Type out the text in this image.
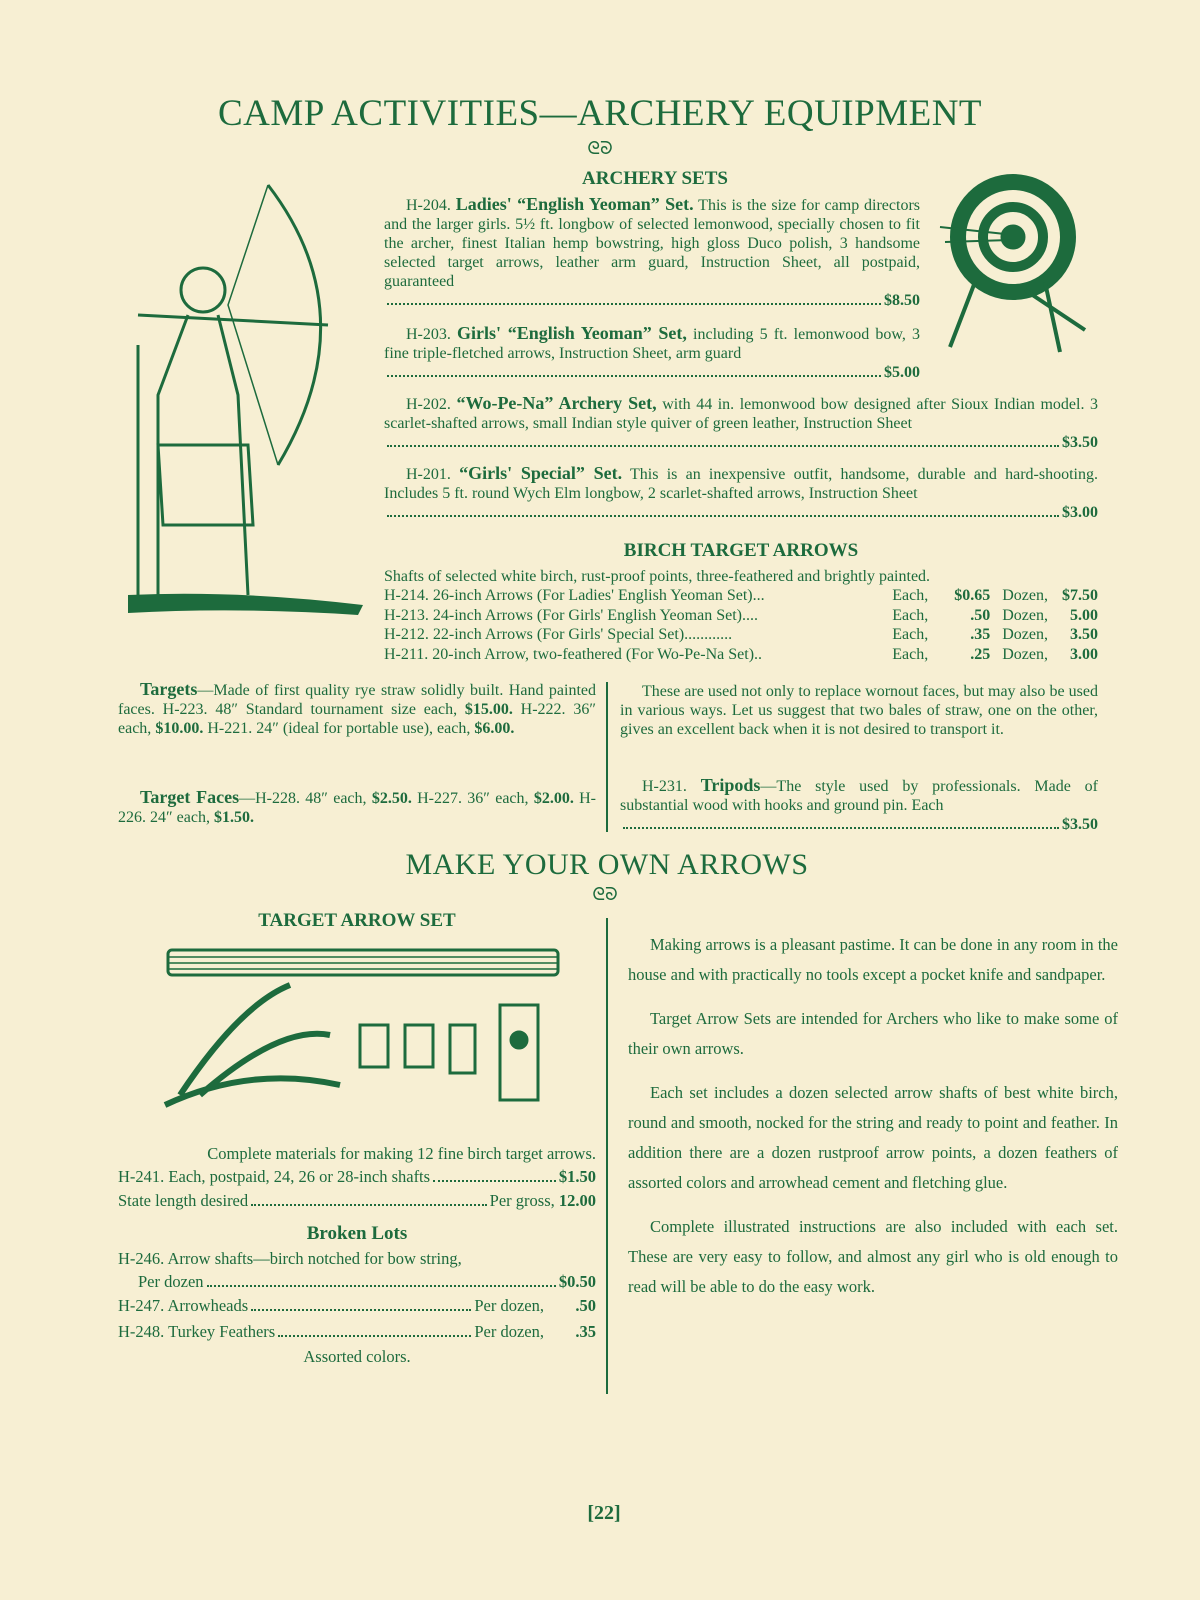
CAMP ACTIVITIES—ARCHERY EQUIPMENT
ᘓᘐ
ARCHERY SETS
H-204. Ladies' “English Yeoman” Set. This is the size for camp directors and the larger girls. 5½ ft. longbow of selected lemonwood, specially chosen to fit the archer, finest Italian hemp bowstring, high gloss Duco polish, 3 handsome selected target arrows, leather arm guard, Instruction Sheet, all postpaid, guaranteed
$8.50
H-203. Girls' “English Yeoman” Set, including 5 ft. lemonwood bow, 3 fine triple-fletched arrows, Instruction Sheet, arm guard
$5.00
H-202. “Wo-Pe-Na” Archery Set, with 44 in. lemonwood bow designed after Sioux Indian model. 3 scarlet-shafted arrows, small Indian style quiver of green leather, Instruction Sheet
$3.50
H-201. “Girls' Special” Set. This is an inexpensive outfit, handsome, durable and hard-shooting. Includes 5 ft. round Wych Elm longbow, 2 scarlet-shafted arrows, Instruction Sheet
$3.00
BIRCH TARGET ARROWS
Shafts of selected white birch, rust-proof points, three-feathered and brightly painted.
H-214. 26-inch Arrows (For Ladies' English Yeoman Set)...	Each,	$0.65 Dozen, $7.50
H-213. 24-inch Arrows (For Girls' English Yeoman Set)....	Each,	.50 Dozen,	5.00
H-212. 22-inch Arrows (For Girls' Special Set)............	Each,	.35 Dozen,	3.50
H-211. 20-inch Arrow, two-feathered (For Wo-Pe-Na Set)..	Each,	.25 Dozen,	3.00
Targets—Made of first quality rye straw solidly built. Hand painted faces. H-223. 48″ Standard tournament size each, $15.00. H-222. 36″ each, $10.00. H-221. 24″ (ideal for portable use), each, $6.00.
Target Faces—H-228. 48″ each, $2.50. H-227. 36″ each, $2.00. H-226. 24″ each, $1.50.
These are used not only to replace wornout faces, but may also be used in various ways. Let us suggest that two bales of straw, one on the other, gives an excellent back when it is not desired to transport it.
H-231. Tripods—The style used by professionals. Made of substantial wood with hooks and ground pin. Each
$3.50
MAKE YOUR OWN ARROWS
ᘓᘐ
TARGET ARROW SET
Complete materials for making 12 fine birch target arrows.
H-241. Each, postpaid, 24, 26 or 28-inch shafts	$1.50
State length desired	Per gross,
12.00
Broken Lots
H-246. Arrow shafts—birch notched for bow string,
Per dozen	$0.50
H-247. Arrowheads	Per dozen,	.50
H-248. Turkey Feathers	Per dozen,	.35
Assorted colors.

Making arrows is a pleasant pastime. It can be done in any room in the house and with practically no tools except a pocket knife and sandpaper.

Target Arrow Sets are intended for Archers who like to make some of their own arrows.

Each set includes a dozen selected arrow shafts of best white birch, round and smooth, nocked for the string and ready to point and feather. In addition there are a dozen rustproof arrow points, a dozen feathers of assorted colors and arrowhead cement and fletching glue.

Complete illustrated instructions are also included with each set. These are very easy to follow, and almost any girl who is old enough to read will be able to do the easy work.

[22]
